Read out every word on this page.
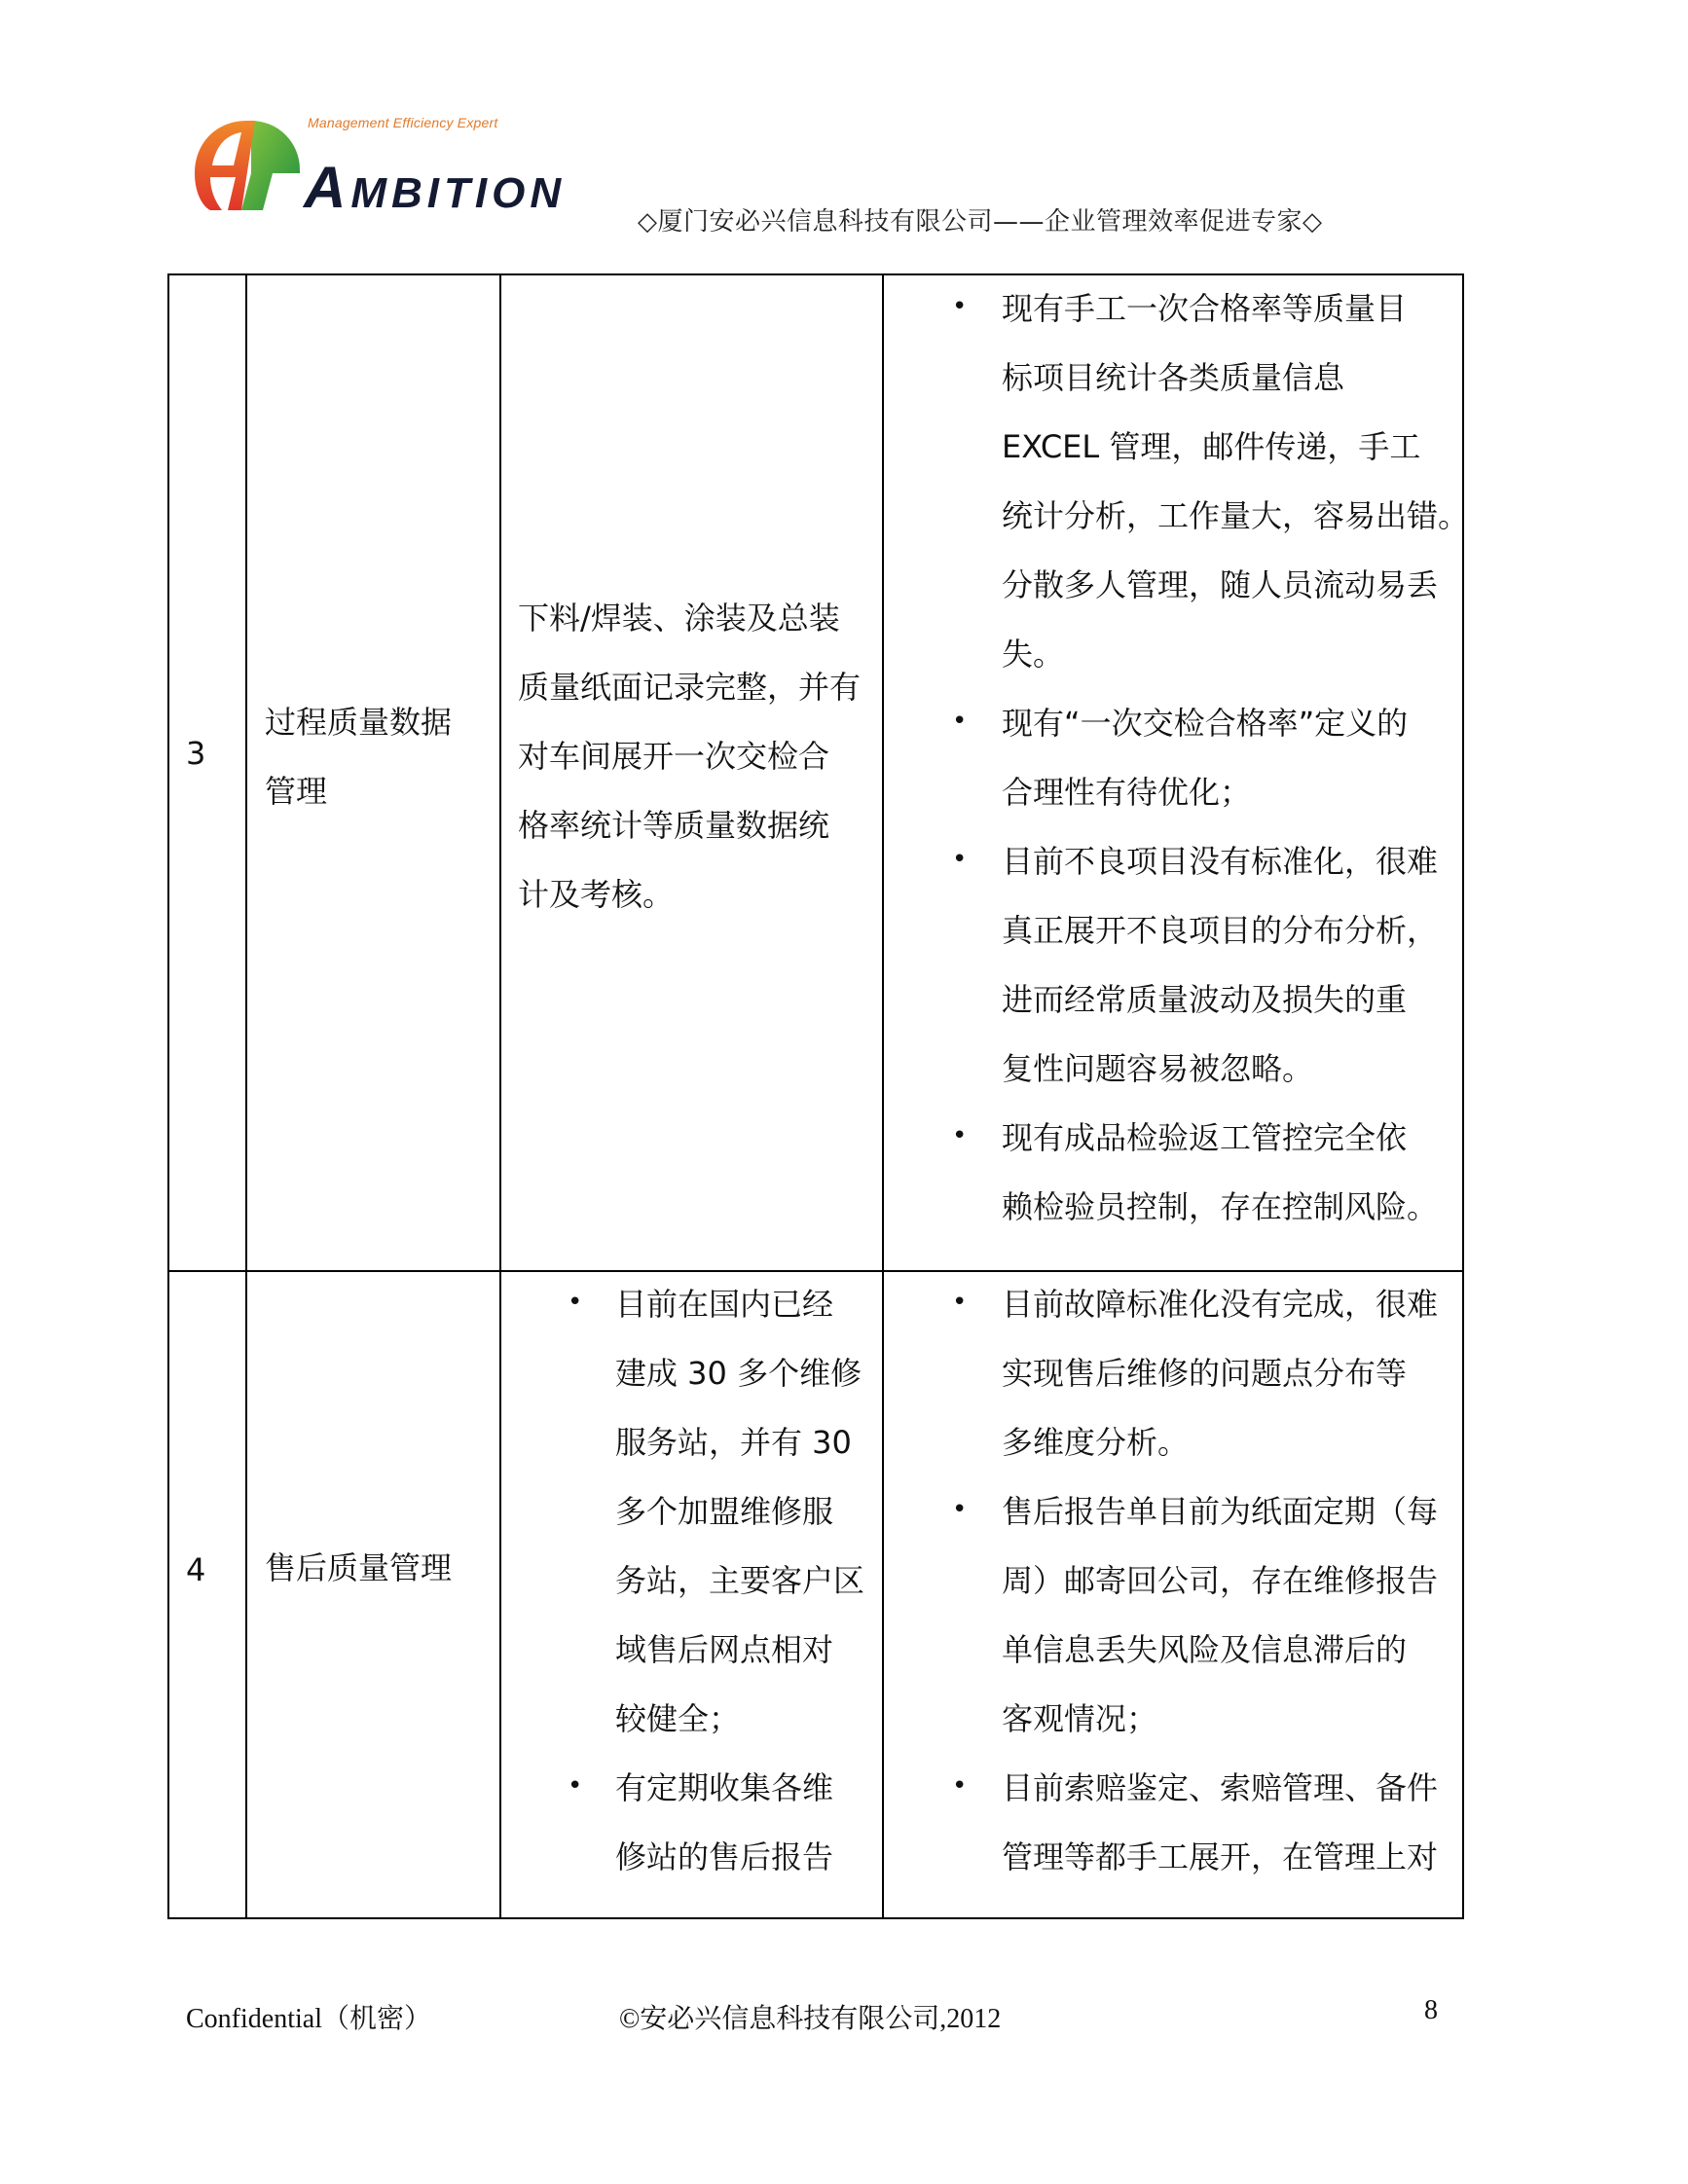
Management Efficiency Expert
AMBITION
◇厦门安必兴信息科技有限公司——企业管理效率促进专家◇
3
过程质量数据
管理
下料/焊装、涂装及总装
质量纸面记录完整，并有
对车间展开一次交检合
格率统计等质量数据统
计及考核。
• 现有手工一次合格率等质量目
标项目统计各类质量信息
EXCEL 管理，邮件传递，手工
统计分析，工作量大，容易出错。
分散多人管理，随人员流动易丢
失。
• 现有“一次交检合格率”定义的
合理性有待优化；
• 目前不良项目没有标准化，很难
真正展开不良项目的分布分析，
进而经常质量波动及损失的重
复性问题容易被忽略。
• 现有成品检验返工管控完全依
赖检验员控制，存在控制风险。
4 售后质量管理
• 目前在国内已经
建成 30 多个维修
服务站，并有 30
多个加盟维修服
务站，主要客户区
域售后网点相对
较健全；
• 有定期收集各维
修站的售后报告
• 目前故障标准化没有完成，很难
实现售后维修的问题点分布等
多维度分析。
• 售后报告单目前为纸面定期（每
周）邮寄回公司，存在维修报告
单信息丢失风险及信息滞后的
客观情况；
• 目前索赔鉴定、索赔管理、备件
管理等都手工展开，在管理上对
Confidential（机密）	©安必兴信息科技有限公司,2012	8
